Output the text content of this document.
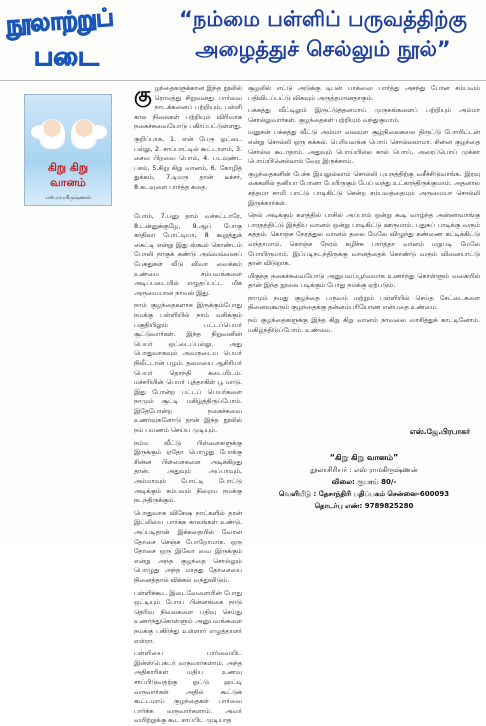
நூலாற்றுப்
படை
“நம்மை பள்ளிப் பருவத்திற்கு அழைத்துச் செல்லும் நூல்”
கிறு கிறு வானம்
எஸ்.ராமகிருஷ்ணன்

கு ழந்தைகளுக்கான இந்த நூலில் ரொமத்து சிறுவனது பார்வை நாடக்கனைப் பற்றியும், பள்ளி கால நிலைகள் பற்றியும் விரிவாக நகைச்சுவையோடு பகிர்ப்பட்டுள்ளது.

குறிப்பாக, 1. என் பேரு ஓட்டை பல்லு, 2. சாப்பாட்டில் கூட்டாளம், 3. சைவ பிறவை பொம், 4. படவுண்ட பசம், 5.கிறு கிறு வானம், 6. கோழித் துக்கம், 7.டிமரு தான் டீச்சர், 8.கடவுளை பார்த்த கதை.

போம், 7.பனு தாம் வச்சுட்டாரே, 8.டன்னுக்குழே, 9.ஆப் போகு காதிலா போட்டியா, 8 கூறுத்துக் கைட்டி என்று இது ஸ்கூல் கொண்டம் போலி நாகுக் கண்டு அவ்வவ்வனப் பேசுதுகள் வீடு விவா வைக்கம் உண்மை சம்பவங்களை அடிப்படையில் எழுதப்பட்ட மிக அருமையான நாவல் இது.

நாம் குழந்தைகளாக இருக்கும்போது நமக்கு பள்ளியில் நாம் வசிக்கும் பகுதியிலும் பட்டப்பெயர் சூட்டுவார்கள். இந்த நிறுவனின் பெயர் ஒட்டைப்பல்லு. அது பொதுவாகவும் அவருடைய பெயர் நிலீட்டான் பழம். தமையை ஆசிரியர் பெயர் தொந்தி கடையிடம். மச்சரியின் பெயர் புத்தாகிள் பூ மாடு. இது போன்ற பட்டப் பெயர்களை நாமும் சூட்டி மகிழ்த்திருப்போம். இதேபோன்ற நகைச்சுவை உணர்வுகளோடு தான் இந்த நூலில் நம் பயணம் செய்ய முடியும்.

நம்ம வீட்டு பிள்ளைகளுக்கு இருக்கும் ஏதோ பொழுது போக்கு சின்ன பிள்ளைகளை அடிக்கிறது தான். அதுவும் அப்பாவும், அம்மாவும் போட்டி போட்டு அடிக்கும் சம்பவம் நிறைய நமக்கு நடந்திருக்கும்.

பொதுவாக விசேஷ நாட்களில் தான் இட்லியை பார்க்க காலங்கள் உண்டு. அப்படிதான் இக்கதையில் வோன தோசை செஞ்சு போறோமாக. ஒரு தோசை ஒரு இலோ வை இருக்கும் என்று அந்த குழந்தை சொல்லும் பொழுது அந்த மாதது தோசையை நினைத்தால் விக்கல் வந்துவிடும்.

பள்ளிக்கூட இடைவேளையின் போது ஒட்டியும் போய் பின்னங்கை நாடு தெரிவு நிலைகளை பதிவு செய்து உணர்ந்துகொள்ளும் அனுபவங்களை நமக்கு பகிர்ந்து உள்ளார் எழுத்தாளர் எஸ்ரா.

பள்ளியை பார்வையிட இன்ஸ்பெக்டர் வருவார்களாம். அந்த அதிகாரிகள் மதிய உணவு சாப்பிடுவதற்கு ஓட்டு ஹட்டி வருவார்கள் அதில் கூட்டுக் கூட்டமாய் குழந்தைகள் பார்வை பார்க்க வருவார்களாம். அவர் வயிற்றுக்கு கூட சாப்பிட முடியாத

சூழலில் எட்டு அடுக்கு டிபன் பாக்ஸை பார்த்து அசந்து போன சம்பவம் பதிவிடப்பட்டு விகவும் அருத்தமானதாகும்.

பக்கத்து வீட்டிலும் இருட்டுத்தனமாய் முருகங்களைப் பற்றியும் அம்மா சொல்லுவார்கள். குழந்தைகள் பற்றியும் வந்துகுமாம்.

மனுசன் பக்கத்து வீட்டு அம்மா வலவுள சூழ்நிலைகலை திருட்டு போயிட்டன் என்று சொல்லி ஒரு சுக்கல். பெரியவங்க பொய் சொல்லலாமா. சின்ன குழந்தை சொல்ல கூடாதாம். அதுவும் பொய்யில்ல கால் பொய், அரைப்பொய் முக்கா பொய்யினெல்லாம் வேற இருக்காம்.

குழந்தைகளின் பேச்சு இயலுல்லாம் சொல்லி புயநத்திற்கு வசீச்சிடுவாங்க. இரவு கைகளில் தனியா போனா பேயிருகும் பேய் வந்து உட்காந்திருக்குமாம். அதனால சத்தமா சாமி பாட்டு பாடிகிட்டு சென்ற சம்பவத்தையும் அருமையா சொல்லி இருக்கார்கள்.

நெல் அடிக்கும் களத்தில் பாசில் அப்பாம் ஒன்று கூடி வாழ்ந்த அன்னாவாங்கு பாரதத்திட்டு இந்திய வானம் ஒன்று பாடிகிட்டு ஊருமாம். புதுசுப் பாடிக்கு வரும் சுத்தம். கொஞ்ச நேரத்துல வானம் தலை மேலே விழுந்து கண்ணை கட்டிக்கிட்டு வந்தாமாம். கொஞ்ச நேரம் கழிச்சு பார்த்தா வானம் மறுபடி மேலே போயிருமாம். இப்படிநடந்திருக்கு வானத்தைக் கொண்டு வரும் வினையாட்டு தான் விடுறாக.

மிகுந்த நகைச்சுவையோடு அனுபவப்பூர்வமாக உணர்ந்து கொள்ளும் வகையில் தான் இந்த நூலை படிக்கும் போது நமக்கு ஏற்படும்.

நாமும் நமது குழந்தை பருவம் மற்றும் பள்ளியில் செய்த சேட்டைகளை நினைவுகூரும் குழந்தைக்கு தன்னம்பரியோண என்பதை உண்மை.

நம் குழந்தைகளுக்கு இந்த கிறு கிறு வானம் நாவலை வாசித்துக் காட்டினோம். மகிழ்ந்திடுப்போம். உண்மை.

எஸ்.ஜே.பிரபாகர்
“கிறு கிறு வானம்”
நூலாசிரியர் : எஸ் ராமகிருஷ்ணன்
விலை: ரூபாய் 80/-
வெளியீடு : தேசாந்திரி பதிப்பகம் சென்னை-600093
தொடர்பு எண்: 9789825280
